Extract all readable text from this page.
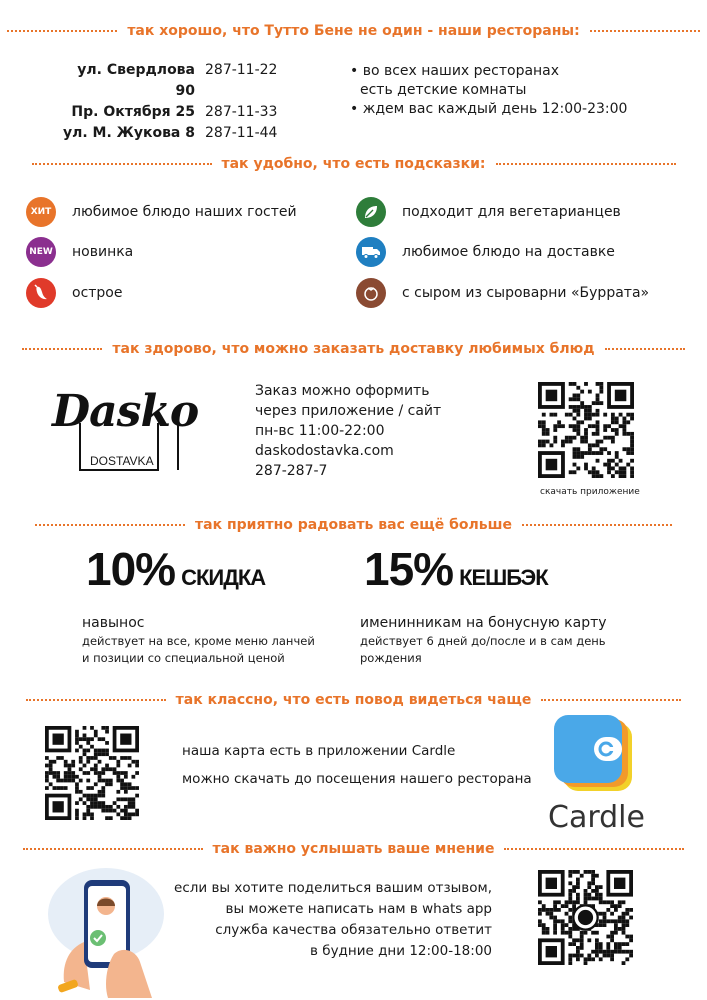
так хорошо, что Тутто Бене не один - наши рестораны:
ул. Свердлова 90
287-11-22
Пр. Октября 25 287-11-33
ул. М. Жукова 8 287-11-44
• во всех наших ресторанах
есть детские комнаты
• ждем вас каждый день 12:00-23:00
так удобно, что есть подсказки:
ХИТ	любимое блюдо наших гостей
NEW новинка
острое
подходит для вегетарианцев
любимое блюдо на доставке
с сыром из сыроварни «Буррата»
так здорово, что можно заказать доставку любимых блюд
Dasko
DOSTAVKA
Заказ можно оформить
через приложение / сайт
пн-вс 11:00-22:00
daskodostavka.com
287-287-7
скачать приложение
так приятно радовать вас ещё больше
10% СКИДКА
навынос
действует на все, кроме меню ланчей
и позиции со специальной ценой
15% КЕШБЭК
именинникам на бонусную карту
действует 6 дней до/после и в сам день
рождения
так классно, что есть повод видеться чаще
наша карта есть в приложении Cardle
можно скачать до посещения нашего ресторана
Cardle
так важно услышать ваше мнение
если вы хотите поделиться вашим отзывом,
вы можете написать нам в whats app
служба качества обязательно ответит
в будние дни 12:00-18:00
